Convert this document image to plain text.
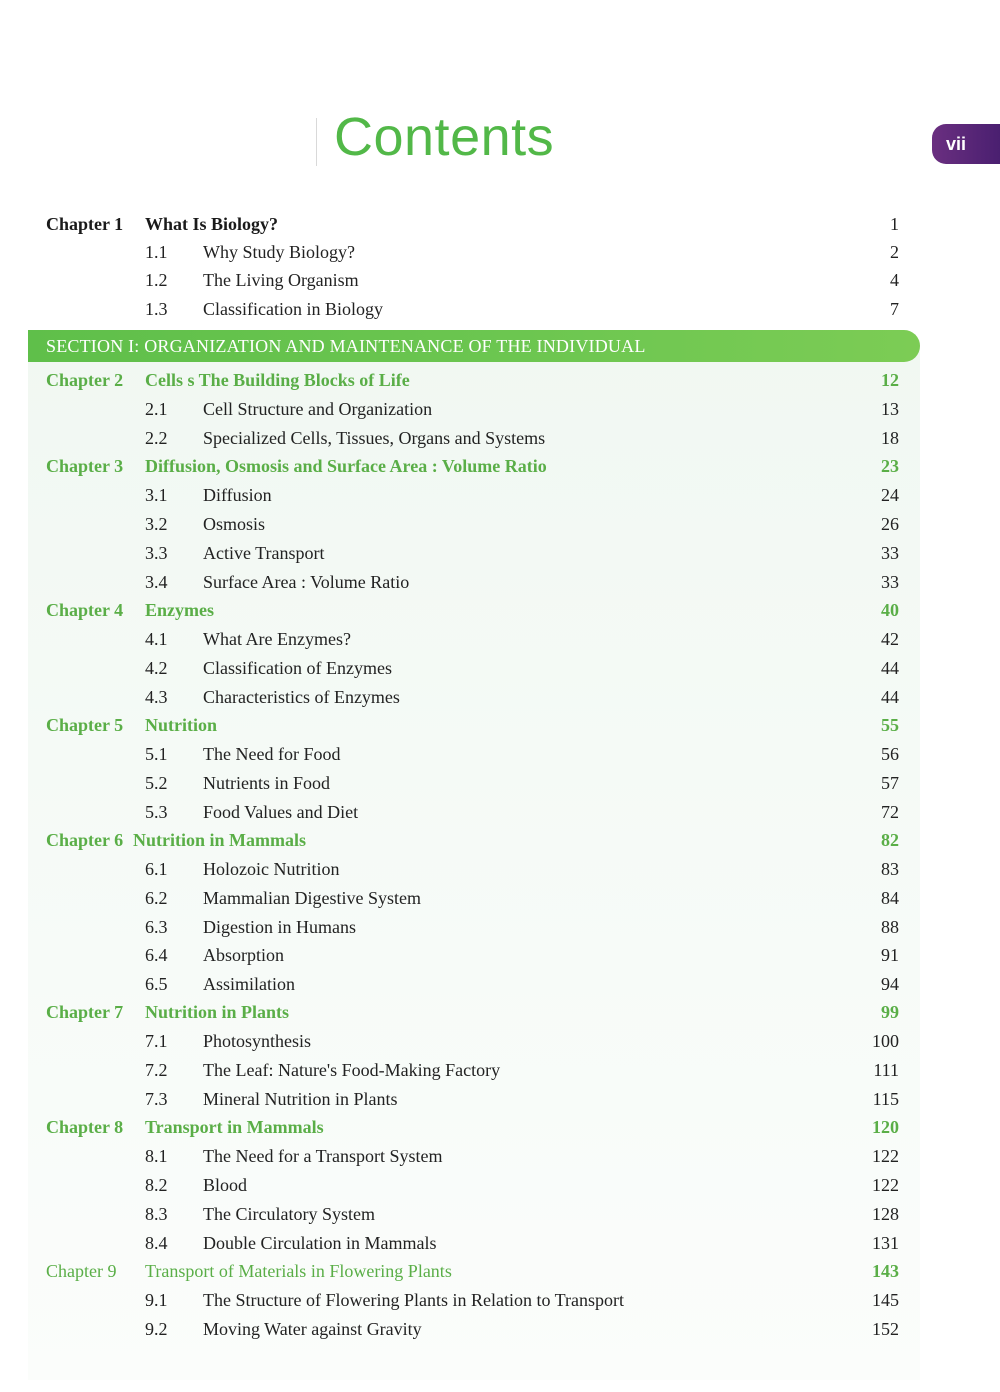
Contents	vii
Chapter 1 What Is Biology?	1
1.1 Why Study Biology?	2
1.2 The Living Organism	4
1.3 Classification in Biology	7
SECTION I: ORGANIZATION AND MAINTENANCE OF THE INDIVIDUAL
Chapter 2 Cells s The Building Blocks of Life	12
2.1 Cell Structure and Organization	13
2.2 Specialized Cells, Tissues, Organs and Systems	18
Chapter 3 Diffusion, Osmosis and Surface Area : Volume Ratio	23
3.1 Diffusion	24
3.2 Osmosis	26
3.3 Active Transport	33
3.4 Surface Area : Volume Ratio	33
Chapter 4 Enzymes	40
4.1 What Are Enzymes?	42
4.2 Classification of Enzymes	44
4.3 Characteristics of Enzymes	44
Chapter 5 Nutrition	55
5.1 The Need for Food	56
5.2 Nutrients in Food	57
5.3 Food Values and Diet	72
Chapter 6 Nutrition in Mammals	82
6.1 Holozoic Nutrition	83
6.2 Mammalian Digestive System	84
6.3 Digestion in Humans	88
6.4 Absorption	91
6.5 Assimilation	94
Chapter 7 Nutrition in Plants	99
7.1 Photosynthesis	100
7.2 The Leaf: Nature's Food-Making Factory	111
7.3 Mineral Nutrition in Plants	115
Chapter 8 Transport in Mammals	120
8.1 The Need for a Transport System	122
8.2 Blood	122
8.3 The Circulatory System	128
8.4 Double Circulation in Mammals	131
Chapter 9 Transport of Materials in Flowering Plants	143
9.1 The Structure of Flowering Plants in Relation to Transport	145
9.2 Moving Water against Gravity	152
